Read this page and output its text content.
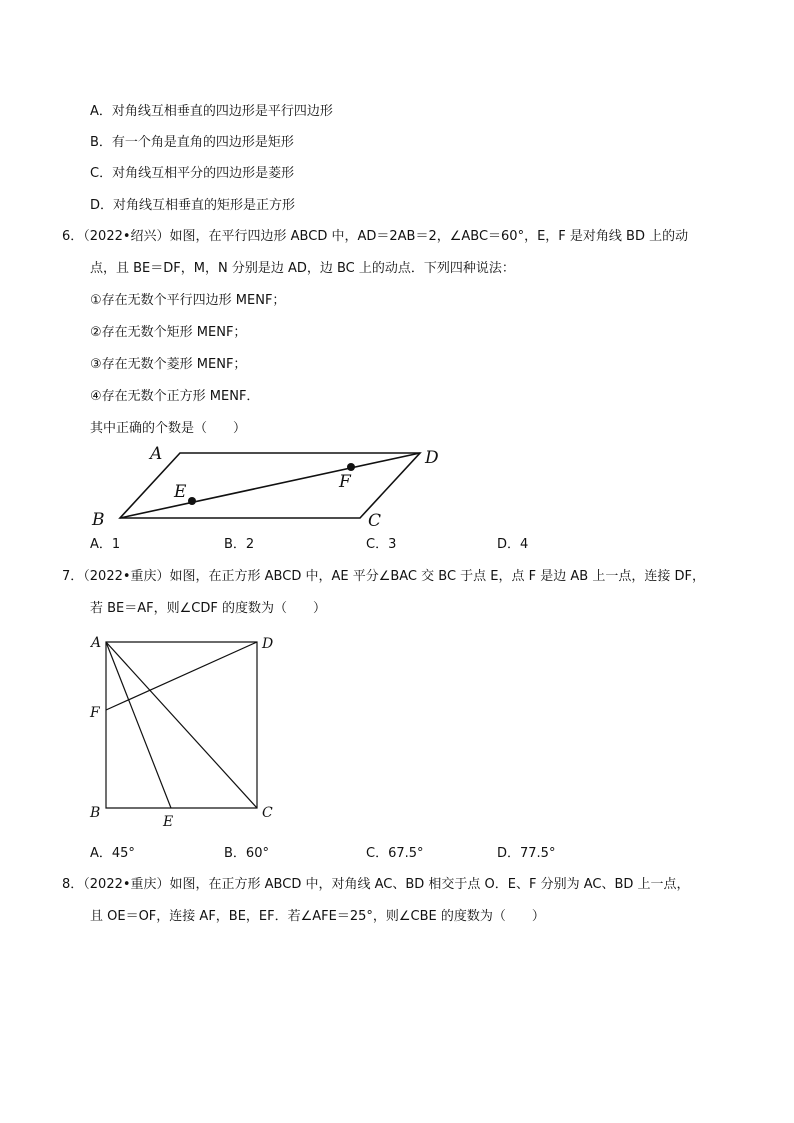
A．对角线互相垂直的四边形是平行四边形
B．有一个角是直角的四边形是矩形
C．对角线互相平分的四边形是菱形
D．对角线互相垂直的矩形是正方形
6．（2022•绍兴）如图，在平行四边形 ABCD 中，AD＝2AB＝2，∠ABC＝60°，E，F 是对角线 BD 上的动
点，且 BE＝DF，M，N 分别是边 AD，边 BC 上的动点．下列四种说法：
①存在无数个平行四边形 MENF；
②存在无数个矩形 MENF；
③存在无数个菱形 MENF；
④存在无数个正方形 MENF．
其中正确的个数是（　　）
A
B	C
D
E	F
A．1	B．2	C．3	D．4
7．（2022•重庆）如图，在正方形 ABCD 中，AE 平分∠BAC 交 BC 于点 E，点 F 是边 AB 上一点，连接 DF，
若 BE＝AF，则∠CDF 的度数为（　　）
A	D
F
B	C
E
A．45°	B．60°	C．67.5°	D．77.5°
8．（2022•重庆）如图，在正方形 ABCD 中，对角线 AC、BD 相交于点 O．E、F 分别为 AC、BD 上一点，
且 OE＝OF，连接 AF，BE，EF．若∠AFE＝25°，则∠CBE 的度数为（　　）
